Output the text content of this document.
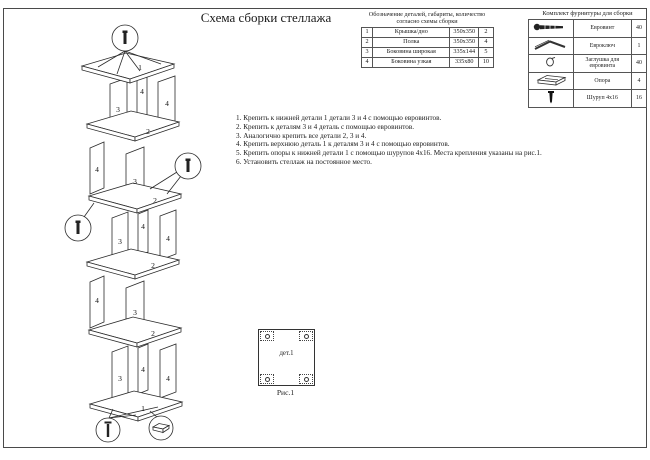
Схема сборки стеллажа
1
3
4
4
2
4
3
2
3
4
4
2
4
3
2
3
4
4
1
Обозначение деталей, габариты, количество
согласно схемы сборки
1	Крышка/дно	350x350	2
2	Полка	350x350	4
3	Боковина широкая	335x144	5
4	Боковина узкая	335x80	10
Комплект фурнитуры для сборки
	Евровинт	40
	Евроключ	1
	Заглушка для евровинта	40
	Опора	4
	Шуруп 4x16	16
1. Крепить к нижней детали 1 детали 3 и 4 с помощью евровинтов.
2. Крепить к деталям 3 и 4 деталь с помощью евровинтов.
3. Аналогично крепить все детали 2, 3 и 4.
4. Крепить верхнюю деталь 1 к деталям 3 и 4 с помощью евровинтов.
5. Крепить опоры к нижней детали 1 с помощью шурупов 4x16. Места крепления указаны на рис.1.
6. Установить стеллаж на постоянное место.
дет.1
Рис.1
